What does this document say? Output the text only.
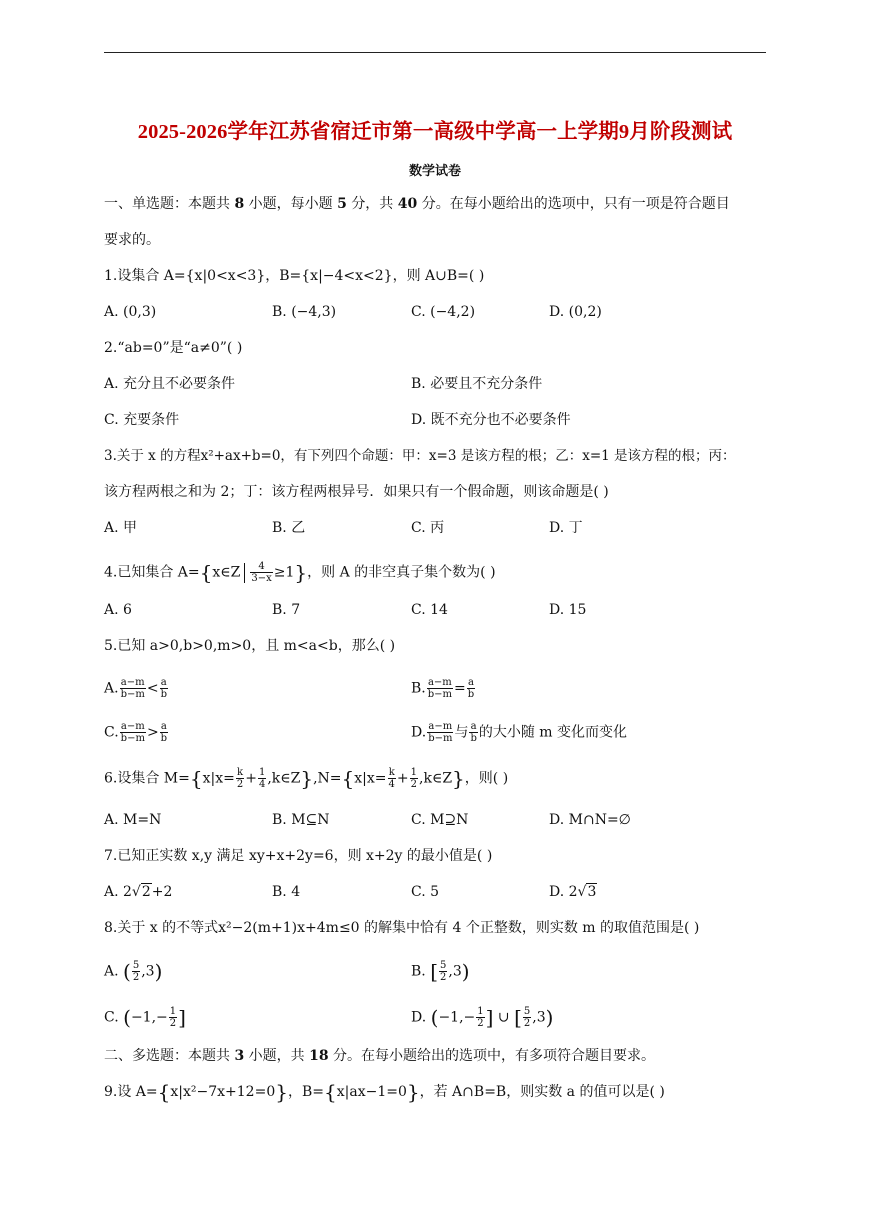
2025-2026学年江苏省宿迁市第一高级中学高一上学期9月阶段测试
数学试卷
一、单选题：本题共 8 小题，每小题 5 分，共 40 分。在每小题给出的选项中，只有一项是符合题目
要求的。
1.设集合 A={x|0<x<3}，B={x|−4<x<2}，则 A∪B=( )
A. (0,3)	B. (−4,3)	C. (−4,2)	D. (0,2)
2.“ab=0”是“a≠0”( )
A. 充分且不必要条件	B. 必要且不充分条件
C. 充要条件	D. 既不充分也不必要条件
3.关于 x 的方程x²+ax+b=0，有下列四个命题：甲：x=3 是该方程的根；乙：x=1 是该方程的根；丙：
该方程两根之和为 2；丁：该方程两根异号．如果只有一个假命题，则该命题是( )
A. 甲	B. 乙	C. 丙	D. 丁
4.已知集合 A={x∈Z $\frac{4}{3-x} \ge 1$}，则 A 的非空真子集个数为( )
A. 6	B. 7	C. 14	D. 15
5.已知 a>0,b>0,m>0，且 m<a<b，那么( )
A. $\frac{a-m}{b-m} < \frac{a}{b}$	B. $\frac{a-m}{b-m} = \frac{a}{b}$
C. $\frac{a-m}{b-m} > \frac{a}{b}$	D. $\frac{a-m}{b-m}$ 与 $\frac{a}{b}$ 的大小随 m 变化而变化
6.设集合 $M=\{x|x= \frac{k}{2} + \frac{1}{4}$ ,k∈Z},N={x|x= $\frac{k}{4} + \frac{1}{2}$ ,k∈Z}，则( )
A. M=N	B. M⊆N	C. M⊇N	D. M∩N=∅
7.已知正实数 x,y 满足 xy+x+2y=6，则 x+2y 的最小值是( )
A. 2√2+2	B. 4	C. 5	D. 2√3
8.关于 x 的不等式x²−2(m+1)x+4m≤0 的解集中恰有 4 个正整数，则实数 m 的取值范围是( )
A. ( $\frac{5}{2} ,3$)	B. [ $\frac{5}{2} ,3$)
C. ($-1,- \frac{1}{2}$ ]	D. ($-1,- \frac{1}{2}$ ] ∪ [ $\frac{5}{2} ,3$)
二、多选题：本题共 3 小题，共 18 分。在每小题给出的选项中，有多项符合题目要求。
9.设 A={x|x²−7x+12=0}，B={x|ax−1=0}，若 A∩B=B，则实数 a 的值可以是( )
